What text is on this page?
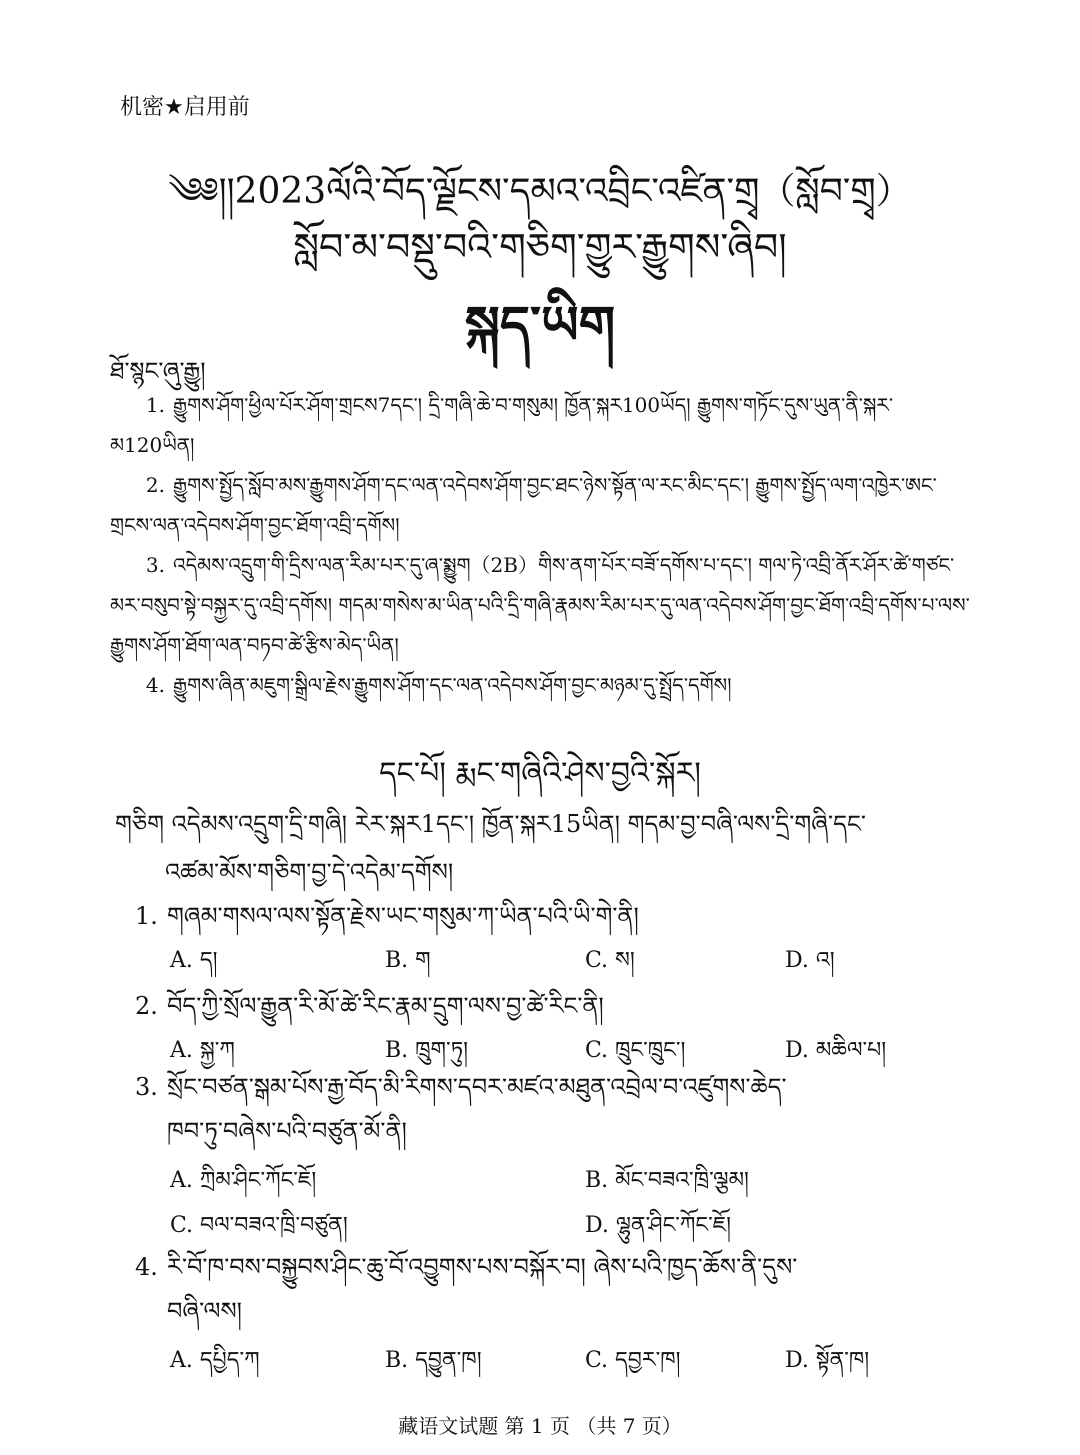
机密★启用前
༄༅།།2023ལོའི་བོད་ལྗོངས་དམའ་འབྲིང་འཛིན་གྲྭ（སློབ་གྲྭ）
སློབ་མ་བསྡུ་བའི་གཅིག་གྱུར་རྒྱུགས་ཞིབ།
སྐད་ཡིག
ཐོ་སྙང་ཞུ་རྒྱུ།
1. རྒྱུགས་ཤོག་ཕྱིལ་པོར་ཤོག་གྲངས7དང་། དྲི་གཞི་ཆེ་བ་གསུམ། ཁྱོན་སྐར100ཡོད། རྒྱུགས་གཏོང་དུས་ཡུན་ནི་སྐར་མ120ཡིན།
2. རྒྱུགས་སྤྱོད་སློབ་མས་རྒྱུགས་ཤོག་དང་ལན་འདེབས་ཤོག་བྱང་ཐང་ཉེས་སྟོན་ལ་རང་མིང་དང་། རྒྱུགས་སྤྱོད་ལག་འཁྱེར་ཨང་གྲངས་ལན་འདེབས་ཤོག་བྱང་ཐོག་འབྲི་དགོས།
3. འདེམས་འདྲུག་གི་དྲིས་ལན་རིམ་པར་དུ་ཞ་སྨྱུག（2B）གིས་ནག་པོར་བཟོ་དགོས་པ་དང་། གལ་ཏེ་འབྲི་ནོར་ཤོར་ཚེ་གཙང་མར་བསུབ་སྟེ་བསྐྱར་དུ་འབྲི་དགོས། གདམ་གསེས་མ་ཡིན་པའི་དྲི་གཞི་རྣམས་རིམ་པར་དུ་ལན་འདེབས་ཤོག་བྱང་ཐོག་འབྲི་དགོས་པ་ལས་རྒྱུགས་ཤོག་ཐོག་ལན་བཏབ་ཚེ་རྩིས་མེད་ཡིན།
4. རྒྱུགས་ཞིན་མཇུག་སྒྲིལ་རྗེས་རྒྱུགས་ཤོག་དང་ལན་འདེབས་ཤོག་བྱང་མཉམ་དུ་སྤྲོད་དགོས།
དང་པོ། རྨང་གཞིའི་ཤེས་བྱའི་སྐོར།
གཅིག འདེམས་འདྲུག་དྲི་གཞི། རེར་སྐར1དང་། ཁྱོན་སྐར15ཡིན། གདམ་བྱ་བཞི་ལས་དྲི་གཞི་དང་
འཚམ་མོས་གཅིག་བྱ་དེ་འདེམ་དགོས།
1. གཞམ་གསལ་ལས་སྟོན་རྗེས་ཡང་གསུམ་ཀ་ཡིན་པའི་ཡི་གེ་ནི།
A. ད།	B. ག	C. ས།	D. འ།
2. བོད་ཀྱི་སྲོལ་རྒྱུན་རི་མོ་ཚེ་རིང་རྣམ་དྲུག་ལས་བྱ་ཚེ་རིང་ནི།
A. སྐྱ་ཀ	B. ཁྲུག་ཏུ།	C. ཁྲུང་ཁྲུང་།	D. མཆིལ་པ།
3. སྲོང་བཙན་སྒམ་པོས་རྒྱ་བོད་མི་རིགས་དབར་མཛའ་མཐུན་འབྲེལ་བ་འཛུགས་ཆེད་
ཁབ་ཏུ་བཞེས་པའི་བཙུན་མོ་ནི།
A. ཀྲིམ་ཤིང་ཀོང་ཇོ།	B. མོང་བཟའ་ཁྲི་ལྕམ།
C. བལ་བཟའ་ཁྲི་བཙུན།	D. ལྷུན་ཤིང་ཀོང་ཇོ།
4. རི་བོ་ཁ་བས་བསྐྱུབས་ཤིང་ཆུ་བོ་འབྱུགས་པས་བསྐོར་བ། ཞེས་པའི་ཁྱད་ཆོས་ནི་དུས་
བཞི་ལས།
A. དཔྱིད་ཀ	B. དབྱུན་ཁ།	C. དབྱར་ཁ།	D. སྟོན་ཁ།
藏语文试题 第 1 页 （共 7 页）
